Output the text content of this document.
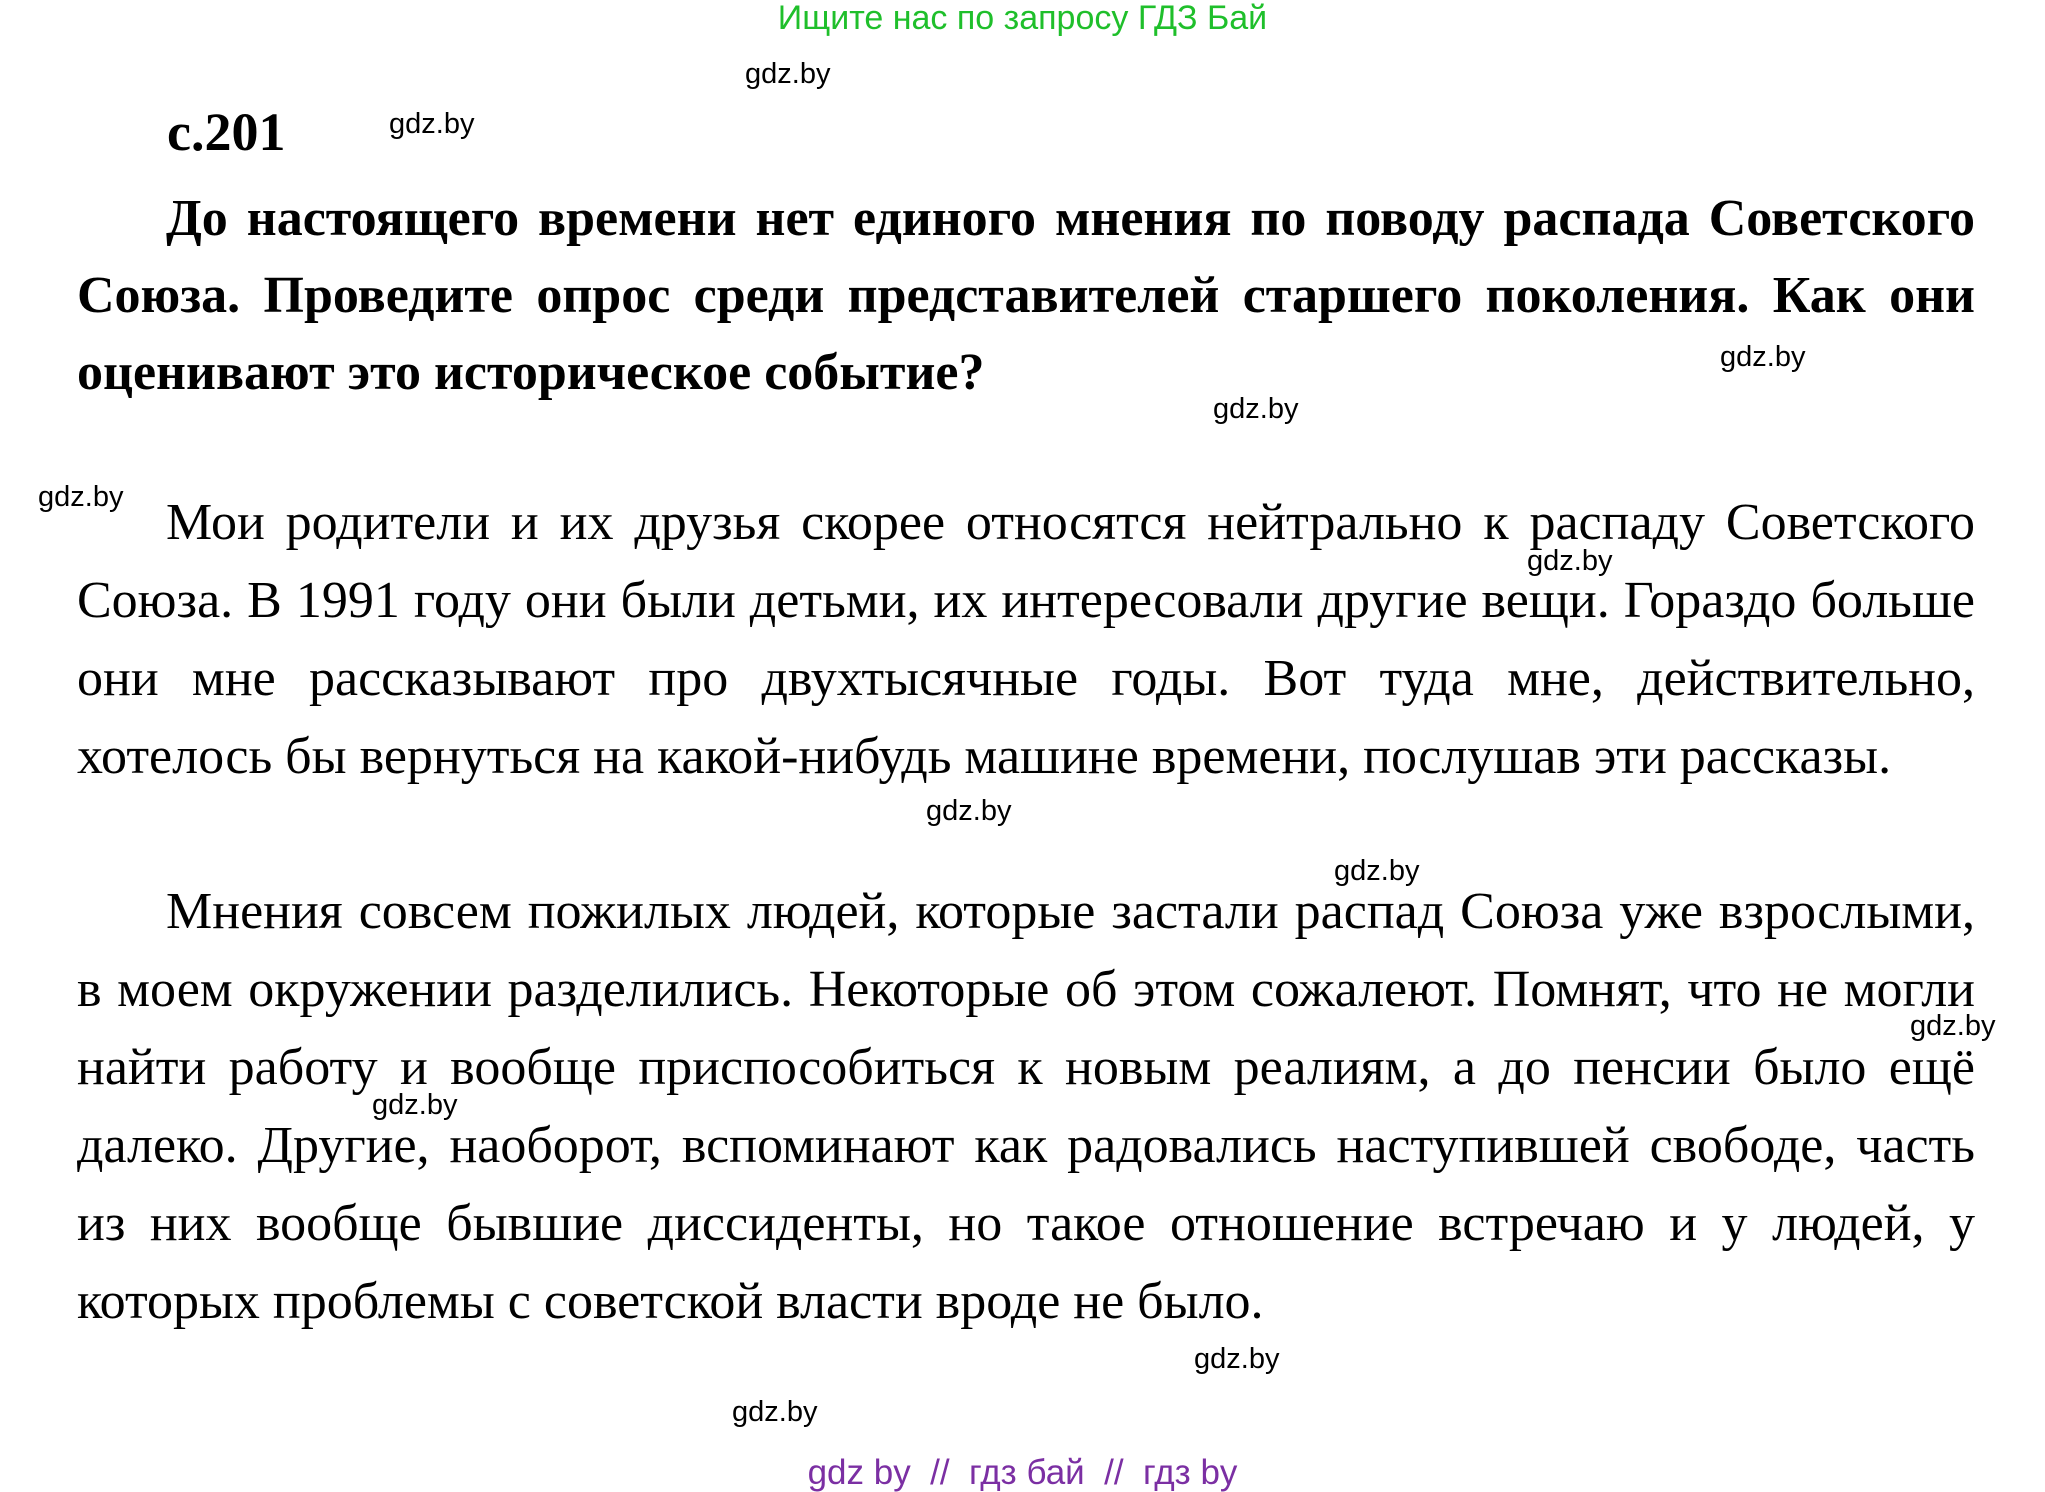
Ищите нас по запросу ГДЗ Бай
с.201

До настоящего времени нет единого мнения по поводу распада Советского Союза. Проведите опрос среди представителей старшего поколения. Как они оценивают это историческое событие?

Мои родители и их друзья скорее относятся нейтрально к распаду Советского Союза. В 1991 году они были детьми, их интересовали другие вещи. Гораздо больше они мне рассказывают про двухтысячные годы. Вот туда мне, действительно, хотелось бы вернуться на какой-нибудь машине времени, послушав эти рассказы.

Мнения совсем пожилых людей, которые застали распад Союза уже взрослыми, в моем окружении разделились. Некоторые об этом сожалеют. Помнят, что не могли найти работу и вообще приспособиться к новым реалиям, а до пенсии было ещё далеко. Другие, наоборот, вспоминают как радовались наступившей свободе, часть из них вообще бывшие диссиденты, но такое отношение встречаю и у людей, у которых проблемы с советской власти вроде не было.

gdz.by
gdz.by
gdz.by
gdz.by
gdz.by
gdz.by
gdz.by
gdz.by
gdz.by
gdz.by
gdz.by
gdz.by
gdz by  //  гдз бай  //  гдз by
